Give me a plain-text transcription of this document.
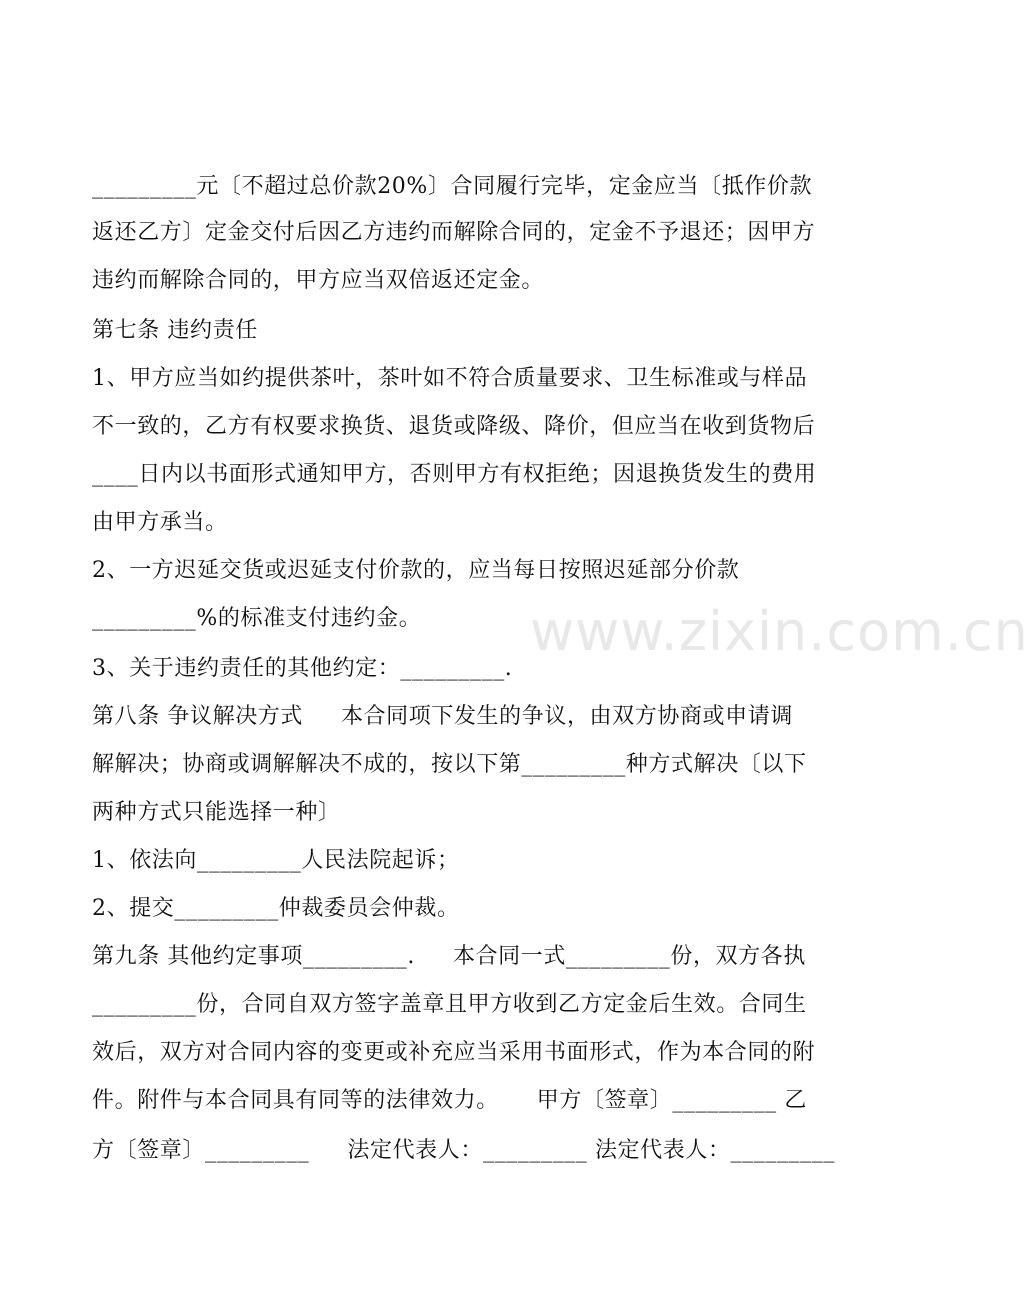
www.zixin.com.cn
_________元〔不超过总价款20%〕合同履行完毕，定金应当〔抵作价款
返还乙方〕定金交付后因乙方违约而解除合同的，定金不予退还；因甲方
违约而解除合同的，甲方应当双倍返还定金。
第七条 违约责任
1、甲方应当如约提供茶叶，茶叶如不符合质量要求、卫生标准或与样品
不一致的，乙方有权要求换货、退货或降级、降价，但应当在收到货物后
____日内以书面形式通知甲方，否则甲方有权拒绝；因退换货发生的费用
由甲方承当。
2、一方迟延交货或迟延支付价款的，应当每日按照迟延部分价款
_________%的标准支付违约金。
3、关于违约责任的其他约定：_________.
第八条 争议解决方式     本合同项下发生的争议，由双方协商或申请调
解解决；协商或调解解决不成的，按以下第_________种方式解决〔以下
两种方式只能选择一种〕
1、依法向_________人民法院起诉；
2、提交_________仲裁委员会仲裁。
第九条 其他约定事项_________.     本合同一式_________份，双方各执
_________份，合同自双方签字盖章且甲方收到乙方定金后生效。合同生
效后，双方对合同内容的变更或补充应当采用书面形式，作为本合同的附
件。附件与本合同具有同等的法律效力。     甲方〔签章〕_________ 乙
方〔签章〕_________     法定代表人：_________ 法定代表人：_________
